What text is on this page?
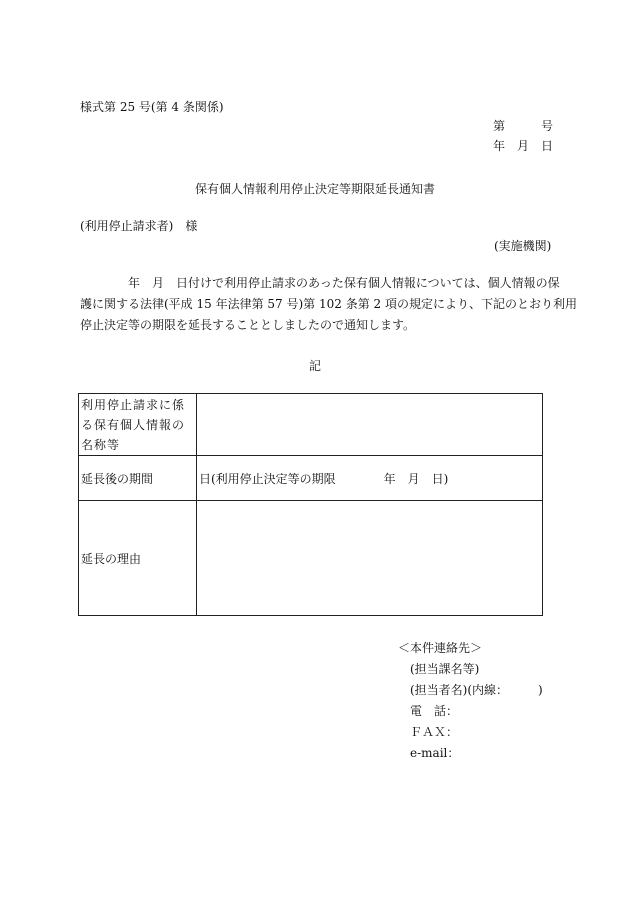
様式第 25 号(第 4 条関係)
第　　　号
年　月　日
保有個人情報利用停止決定等期限延長通知書
(利用停止請求者)　様
(実施機関)
　　　　年　月　日付けで利用停止請求のあった保有個人情報については、個人情報の保
護に関する法律(平成 15 年法律第 57 号)第 102 条第 2 項の規定により、下記のとおり利用
停止決定等の期限を延長することとしましたので通知します。
記
利用停止請求に係る保有個人情報の名称等	
延長後の期間	日(利用停止決定等の期限　　　　年　月　日)
延長の理由	
＜本件連絡先＞
(担当課名等)
(担当者名)(内線：　　　)
電　話：
ＦＡＸ：
e-mail：
